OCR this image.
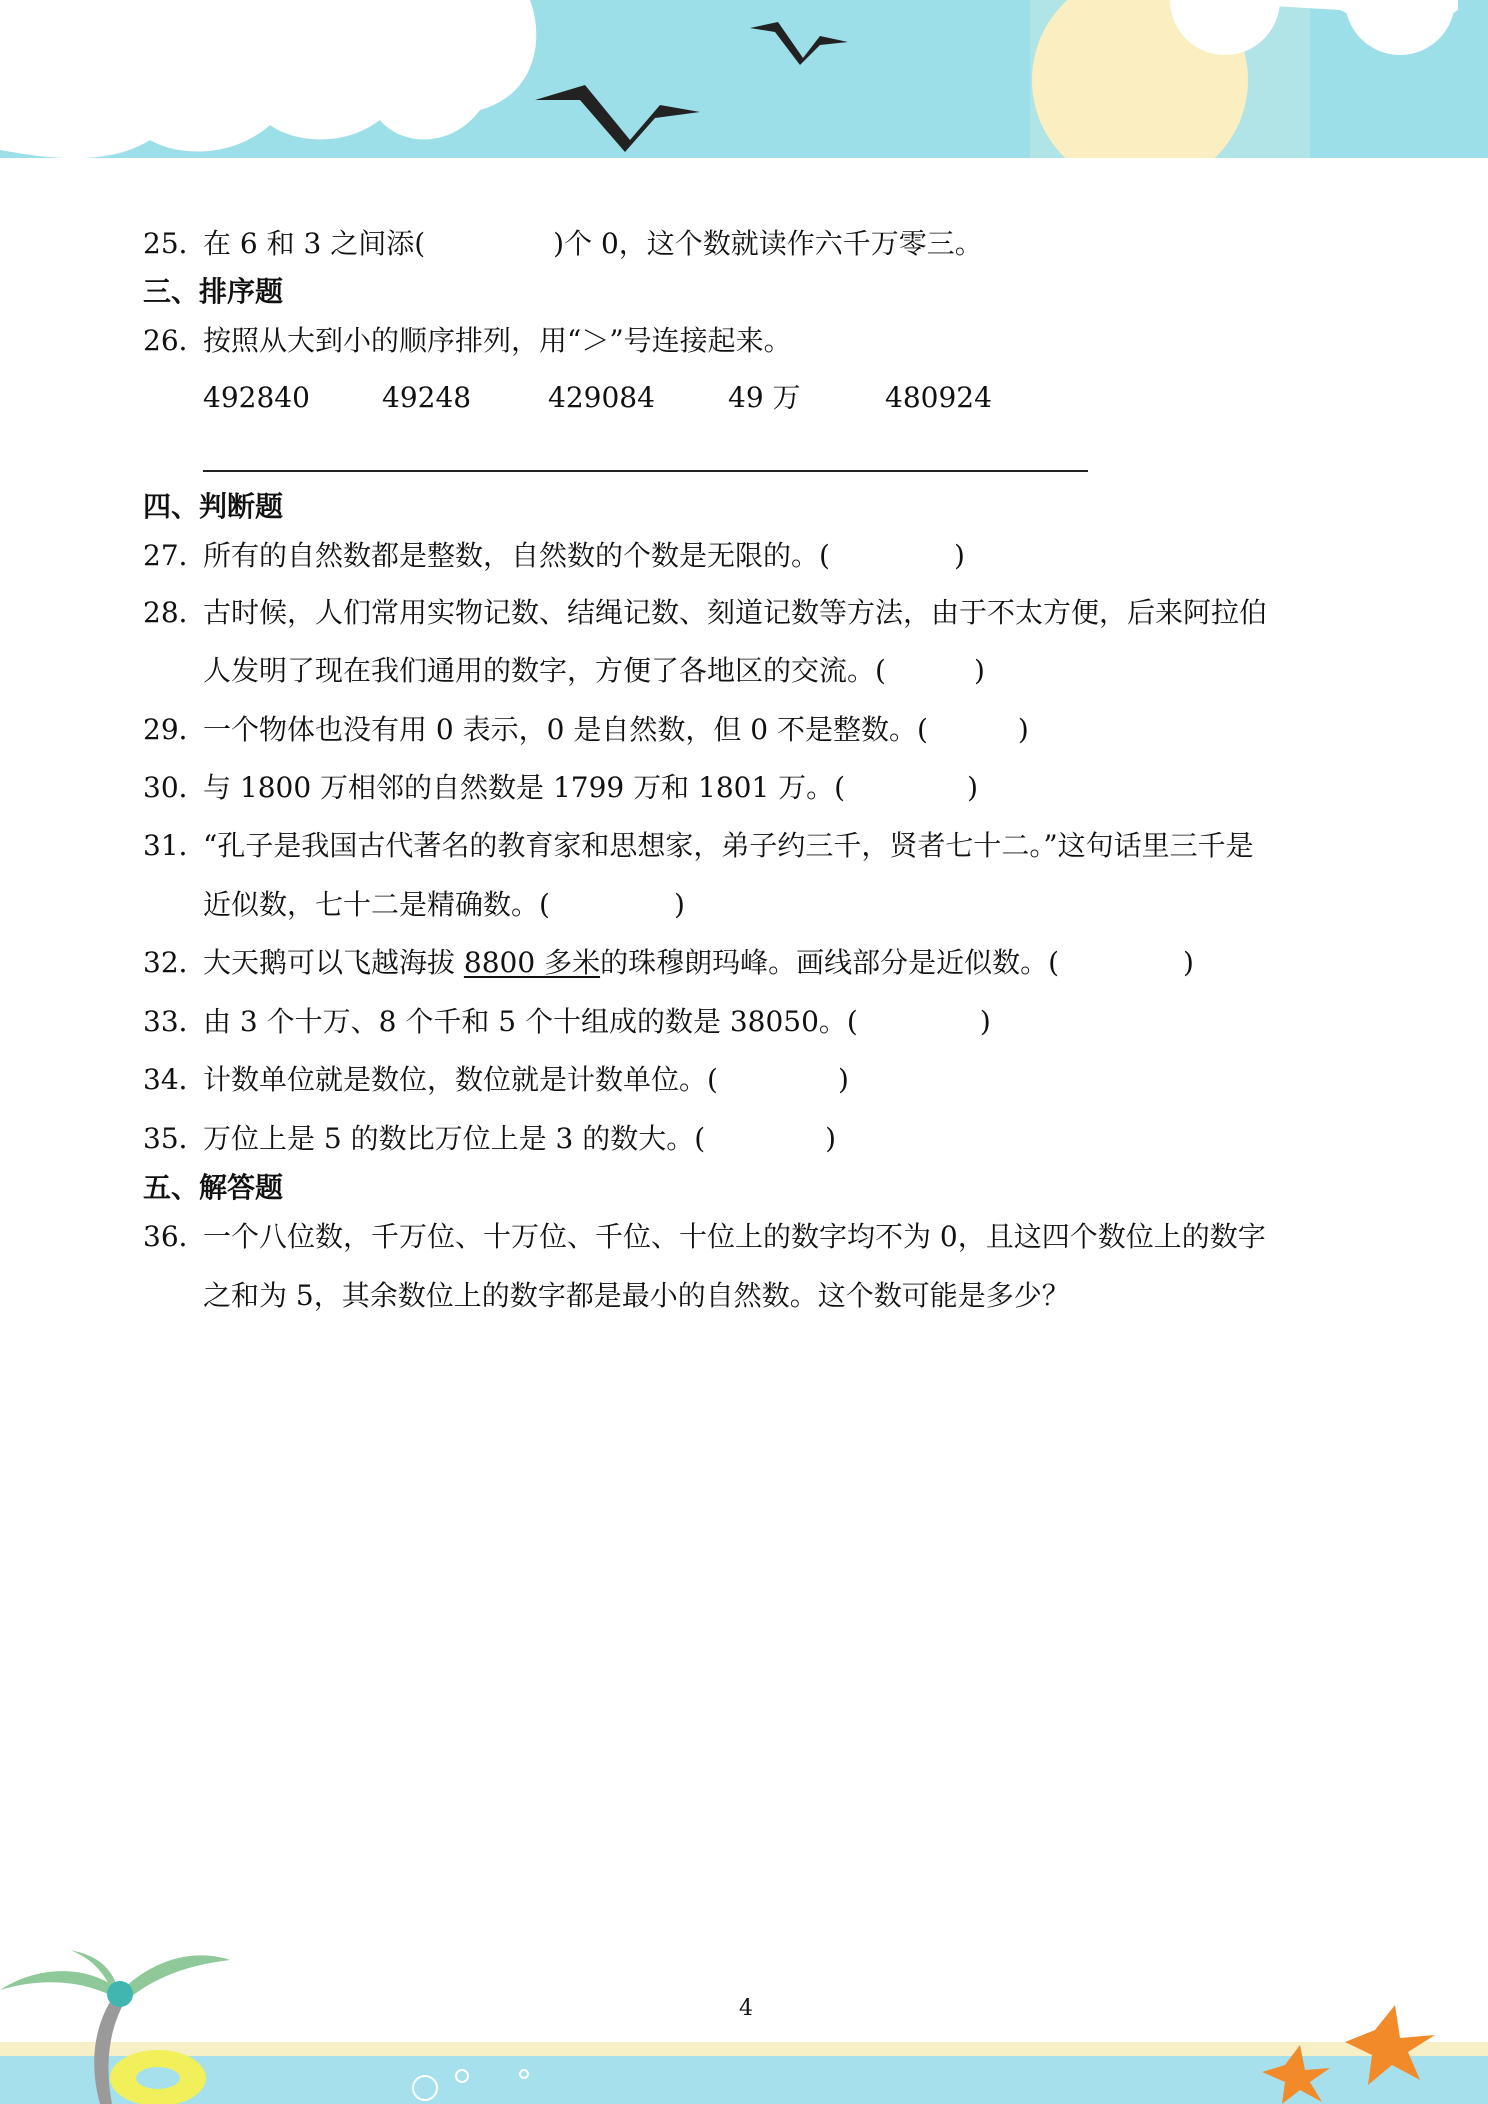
25．在 6 和 3 之间添(	)个 0，这个数就读作六千万零三。
三、排序题
26．按照从大到小的顺序排列，用“＞”号连接起来。
492840	49248	429084	49 万	480924
四、判断题
27．所有的自然数都是整数，自然数的个数是无限的。(	)
28．古时候，人们常用实物记数、结绳记数、刻道记数等方法，由于不太方便，后来阿拉伯
人发明了现在我们通用的数字，方便了各地区的交流。(	)
29．一个物体也没有用 0 表示，0 是自然数，但 0 不是整数。(	)
30．与 1800 万相邻的自然数是 1799 万和 1801 万。(	)
31．“孔子是我国古代著名的教育家和思想家，弟子约三千，贤者七十二。”这句话里三千是
近似数，七十二是精确数。(	)
32．大天鹅可以飞越海拔 8800 多米的珠穆朗玛峰。画线部分是近似数。(	)
33．由 3 个十万、8 个千和 5 个十组成的数是 38050。(	)
34．计数单位就是数位，数位就是计数单位。(	)
35．万位上是 5 的数比万位上是 3 的数大。(	)
五、解答题
36．一个八位数，千万位、十万位、千位、十位上的数字均不为 0，且这四个数位上的数字
之和为 5，其余数位上的数字都是最小的自然数。这个数可能是多少？
4
